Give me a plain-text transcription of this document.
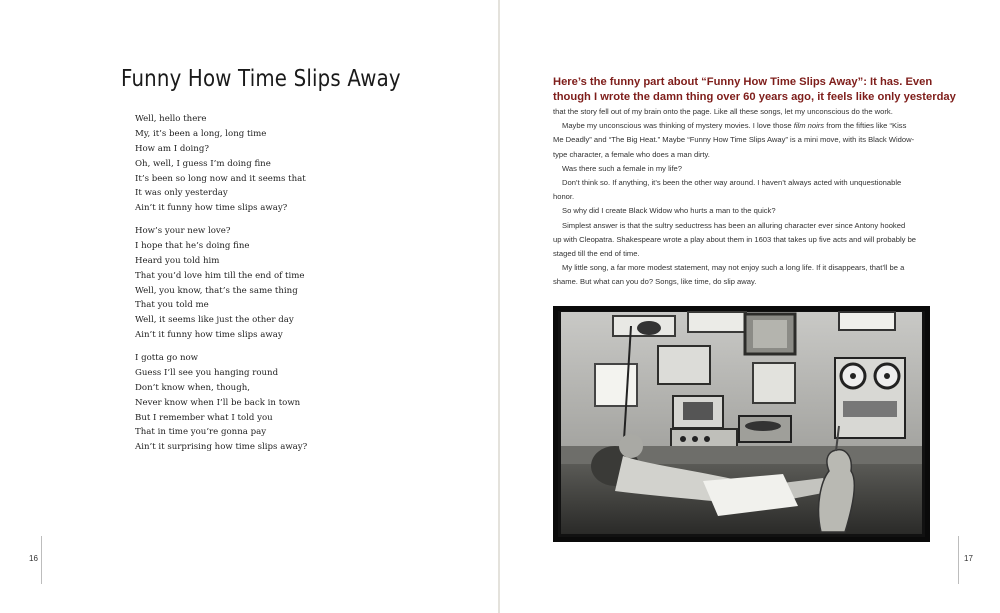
16	17
Funny How Time Slips Away
Well, hello there
My, it’s been a long, long time
How am I doing?
Oh, well, I guess I’m doing fine
It’s been so long now and it seems that
It was only yesterday
Ain’t it funny how time slips away?
How’s your new love?
I hope that he’s doing fine
Heard you told him
That you’d love him till the end of time
Well, you know, that’s the same thing
That you told me
Well, it seems like just the other day
Ain’t it funny how time slips away
I gotta go now
Guess I’ll see you hanging round
Don’t know when, though,
Never know when I’ll be back in town
But I remember what I told you
That in time you’re gonna pay
Ain’t it surprising how time slips away?
Here’s the funny part about “Funny How Time Slips Away”: It has. Even
though I wrote the damn thing over 60 years ago, it feels like only yesterday

that the story fell out of my brain onto the page. Like all these songs, let my unconscious do the work.

Maybe my unconscious was thinking of mystery movies. I love those film noirs from the fifties like “Kiss

Me Deadly” and “The Big Heat.” Maybe “Funny How Time Slips Away” is a mini move, with its Black Widow-

type character, a female who does a man dirty.

Was there such a female in my life?

Don’t think so. If anything, it’s been the other way around. I haven’t always acted with unquestionable

honor.

So why did I create Black Widow who hurts a man to the quick?

Simplest answer is that the sultry seductress has been an alluring character ever since Antony hooked

up with Cleopatra. Shakespeare wrote a play about them in 1603 that takes up five acts and will probably be

staged till the end of time.

My little song, a far more modest statement, may not enjoy such a long life. If it disappears, that’ll be a

shame. But what can you do? Songs, like time, do slip away.
